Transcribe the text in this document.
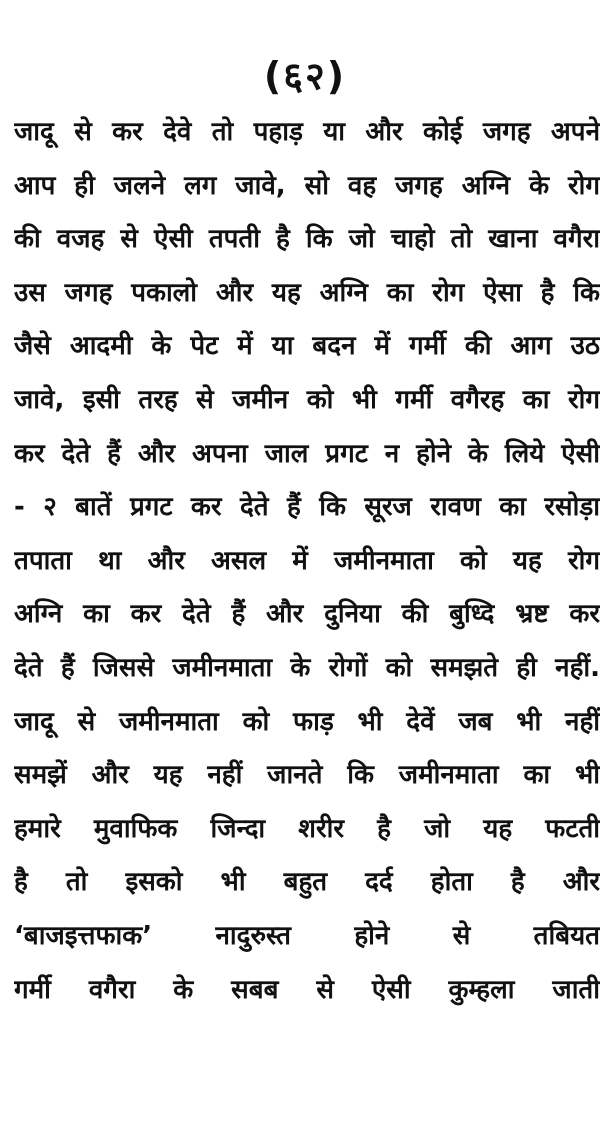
(६२)
जादू से कर देवे तो पहाड़ या और कोई जगह अपने
आप ही जलने लग जावे, सो वह जगह अग्नि के रोग
की वजह से ऐसी तपती है कि जो चाहो तो खाना वगैरा
उस जगह पकालो और यह अग्नि का रोग ऐसा है कि
जैसे आदमी के पेट में या बदन में गर्मी की आग उठ
जावे, इसी तरह से जमीन को भी गर्मी वगैरह का रोग
कर देते हैं और अपना जाल प्रगट न होने के लिये ऐसी
- २ बातें प्रगट कर देते हैं कि सूरज रावण का रसोड़ा
तपाता था और असल में जमीनमाता को यह रोग
अग्नि का कर देते हैं और दुनिया की बुध्दि भ्रष्ट कर
देते हैं जिससे जमीनमाता के रोगों को समझते ही नहीं.
जादू से जमीनमाता को फाड़ भी देवें जब भी नहीं
समझें और यह नहीं जानते कि जमीनमाता का भी
हमारे मुवाफिक जिन्दा शरीर है जो यह फटती
है तो इसको भी बहुत दर्द होता है और
‘बाजइत्तफाक’ नादुरुस्त होने से तबियत
गर्मी वगैरा के सबब से ऐसी कुम्हला जाती
